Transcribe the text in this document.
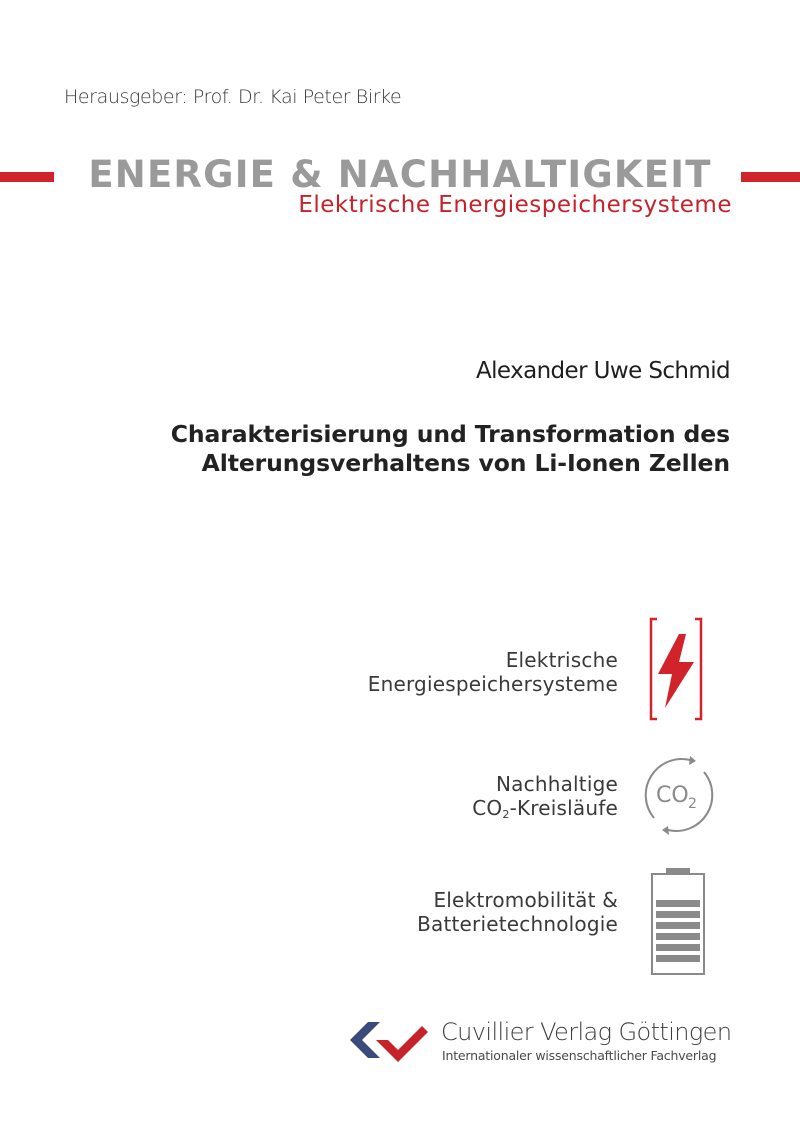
Herausgeber: Prof. Dr. Kai Peter Birke
ENERGIE & NACHHALTIGKEIT
Elektrische Energiespeichersysteme
Alexander Uwe Schmid
Charakterisierung und Transformation des
Alterungsverhaltens von Li-Ionen Zellen
Elektrische
Energiespeichersysteme
Nachhaltige
$CO_2$-Kreisläufe CO 2
Elektromobilität &
Batterietechnologie
Cuvillier Verlag Göttingen
Internationaler wissenschaftlicher Fachverlag
